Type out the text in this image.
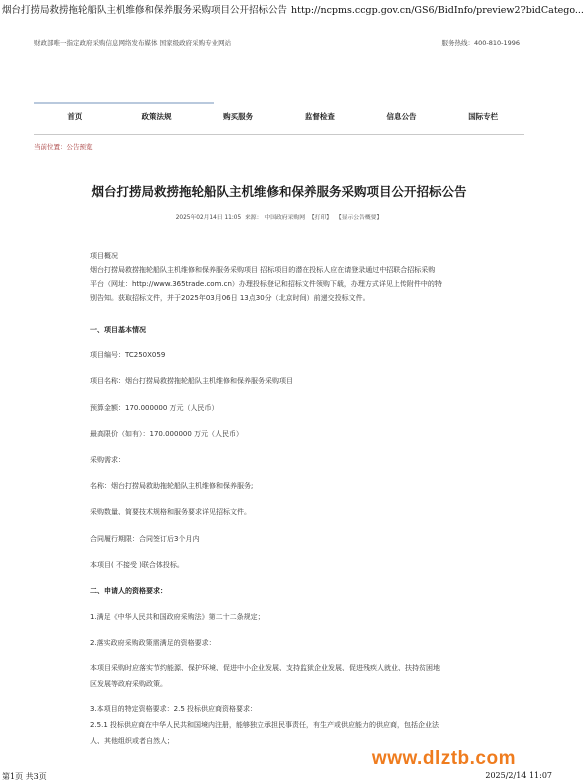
烟台打捞局救捞拖轮船队主机维修和保养服务采购项目公开招标公告 http://ncpms.ccgp.gov.cn/GS6/BidInfo/preview2?bidCatego...
财政部唯一指定政府采购信息网络发布媒体 国家级政府采购专业网站	服务热线：400-810-1996
首页	政策法规	购买服务	监督检查	信息公告	国际专栏
当前位置：公告预览
烟台打捞局救捞拖轮船队主机维修和保养服务采购项目公开招标公告
2025年02月14日 11:05 来源： 中国政府采购网 【打印】 【显示公告概要】
项目概况
烟台打捞局救捞拖轮船队主机维修和保养服务采购项目 招标项目的潜在投标人应在请登录通过中招联合招标采购
平台（网址：http://www.365trade.com.cn）办理投标登记和招标文件领购下载，办理方式详见上传附件中的特
别告知。获取招标文件，并于2025年03月06日 13点30分（北京时间）前递交投标文件。
一、项目基本情况
项目编号：TC250X059
项目名称：烟台打捞局救捞拖轮船队主机维修和保养服务采购项目
预算金额：170.000000 万元（人民币）
最高限价（如有）：170.000000 万元（人民币）
采购需求：
名称：烟台打捞局救助拖轮船队主机维修和保养服务;
采购数量、简要技术规格和服务要求详见招标文件。
合同履行期限：合同签订后3个月内
本项目( 不接受 )联合体投标。
二、申请人的资格要求：
1.满足《中华人民共和国政府采购法》第二十二条规定；
2.落实政府采购政策需满足的资格要求：
本项目采购时应落实节约能源、保护环境、促进中小企业发展、支持监狱企业发展、促进残疾人就业、扶持贫困地
区发展等政府采购政策。
3.本项目的特定资格要求：2.5 投标供应商资格要求：
2.5.1 投标供应商在中华人民共和国境内注册，能够独立承担民事责任，有生产或供应能力的供应商，包括企业法
人、其他组织或者自然人；
www.dlztb.com
第1页 共3页	2025/2/14 11:07
